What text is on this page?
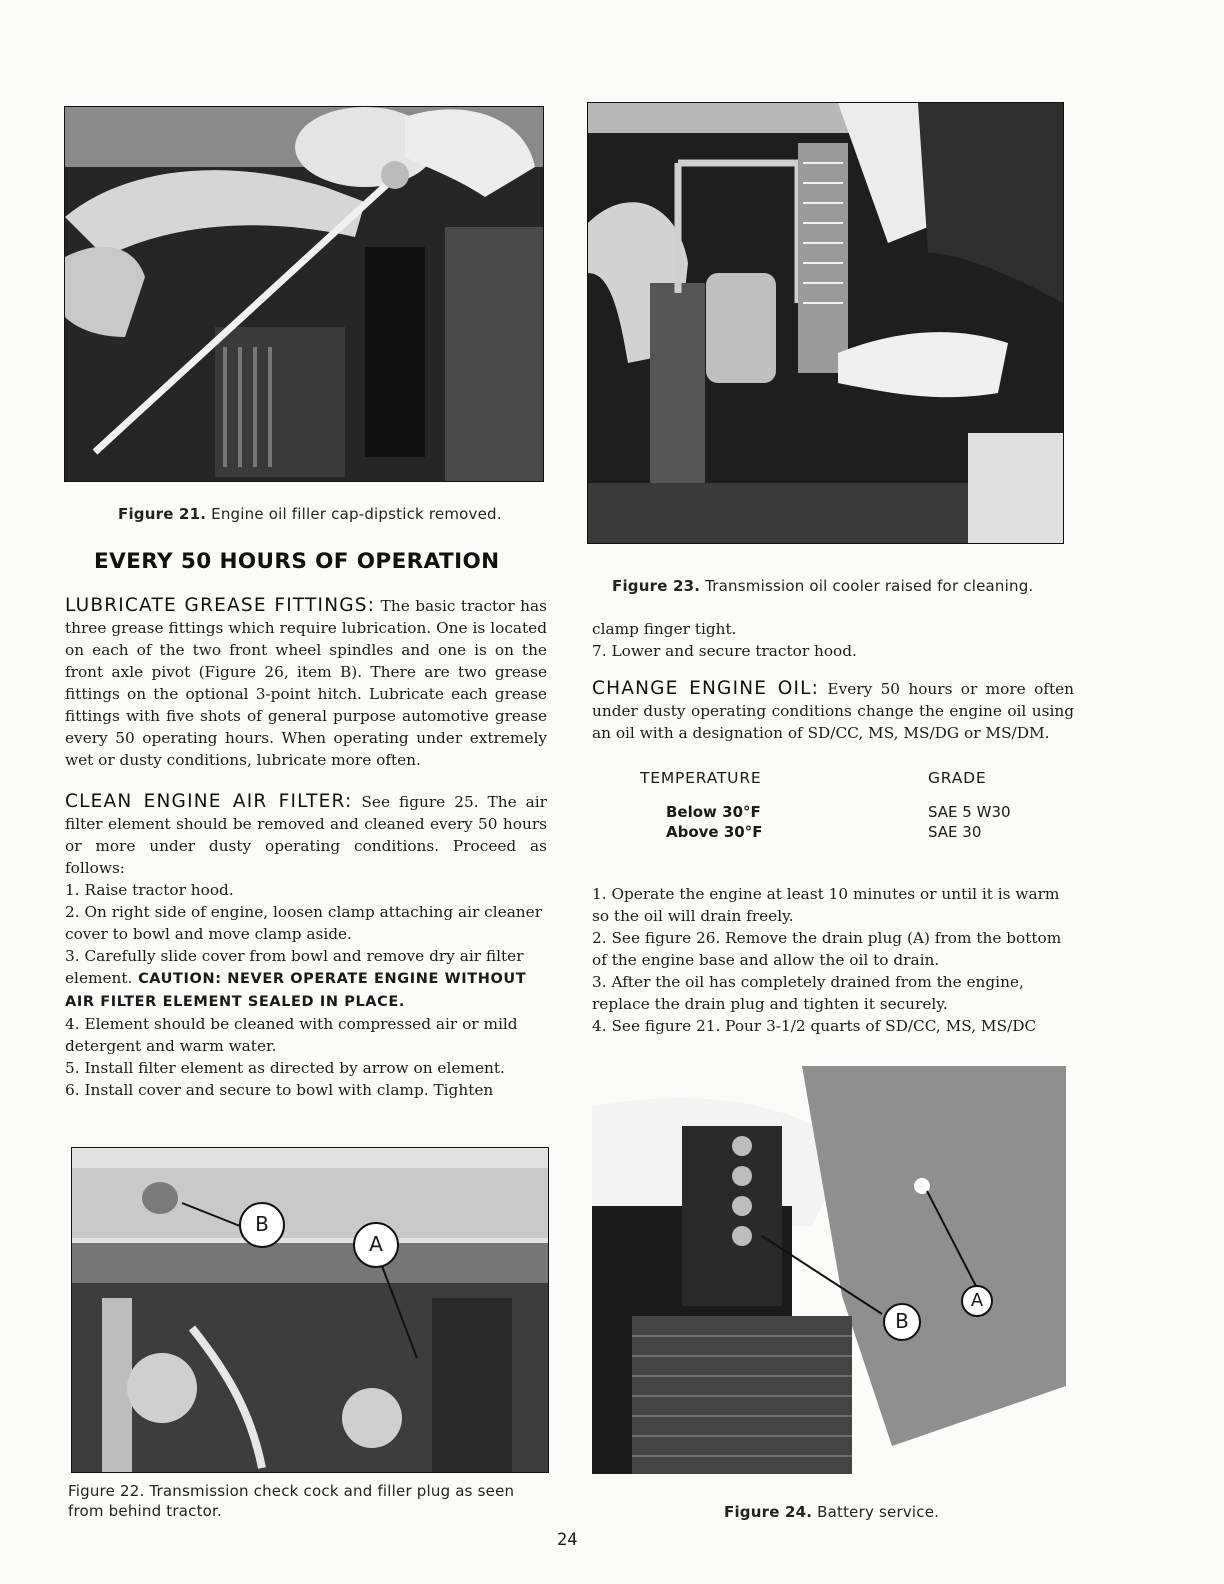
Figure 21. Engine oil filler cap-dipstick removed.
EVERY 50 HOURS OF OPERATION

LUBRICATE GREASE FITTINGS: The basic tractor has three grease fittings which require lubrication. One is located on each of the two front wheel spindles and one is on the front axle pivot (Figure 26, item B). There are two grease fittings on the optional 3-point hitch. Lubricate each grease fittings with five shots of general purpose automotive grease every 50 operating hours. When operating under extremely wet or dusty conditions, lubricate more often.

CLEAN ENGINE AIR FILTER: See figure 25. The air filter element should be removed and cleaned every 50 hours or more under dusty operating conditions. Proceed as follows:

1. Raise tractor hood.

2. On right side of engine, loosen clamp attaching air cleaner cover to bowl and move clamp aside.

3. Carefully slide cover from bowl and remove dry air filter element. CAUTION: NEVER OPERATE ENGINE WITHOUT AIR FILTER ELEMENT SEALED IN PLACE.

4. Element should be cleaned with compressed air or mild detergent and warm water.

5. Install filter element as directed by arrow on element.

6. Install cover and secure to bowl with clamp. Tighten

B
A
Figure 22. Transmission check cock and filler plug as seen from behind tractor.
Figure 23. Transmission oil cooler raised for cleaning.

clamp finger tight.

7. Lower and secure tractor hood.

CHANGE ENGINE OIL: Every 50 hours or more often under dusty operating conditions change the engine oil using an oil with a designation of SD/CC, MS, MS/DG or MS/DM.

TEMPERATURE	GRADE
Below 30°F	SAE 5 W30
Above 30°F	SAE 30

1. Operate the engine at least 10 minutes or until it is warm so the oil will drain freely.

2. See figure 26. Remove the drain plug (A) from the bottom of the engine base and allow the oil to drain.

3. After the oil has completely drained from the engine, replace the drain plug and tighten it securely.

4. See figure 21. Pour 3-1/2 quarts of SD/CC, MS, MS/DC

B
A
Figure 24. Battery service.
24
